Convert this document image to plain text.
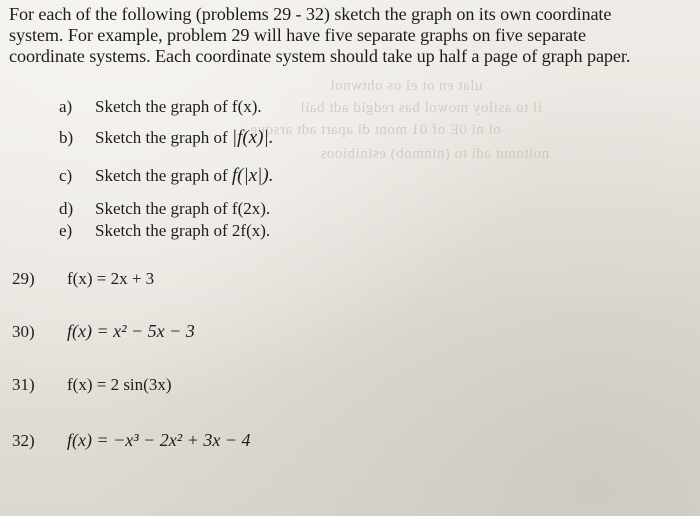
ulat en ot el os ohtwnol
il to asiloy mowol bas redgid adt bail
ol ni 0E of 01 mont di apart adt arsque
noitonut adi to (ninmob) esinibioos
For each of the following (problems 29 - 32) sketch the graph on its own coordinate
system. For example, problem 29 will have five separate graphs on five separate
coordinate systems. Each coordinate system should take up half a page of graph paper.
a) Sketch the graph of f(x).
b) Sketch the graph of |f(x)|.
c) Sketch the graph of f(|x|).
d) Sketch the graph of f(2x).
e) Sketch the graph of 2f(x).
29) f(x) = 2x + 3
30) f(x) = x² − 5x − 3
31) f(x) = 2 sin(3x)
32) f(x) = −x³ − 2x² + 3x − 4
